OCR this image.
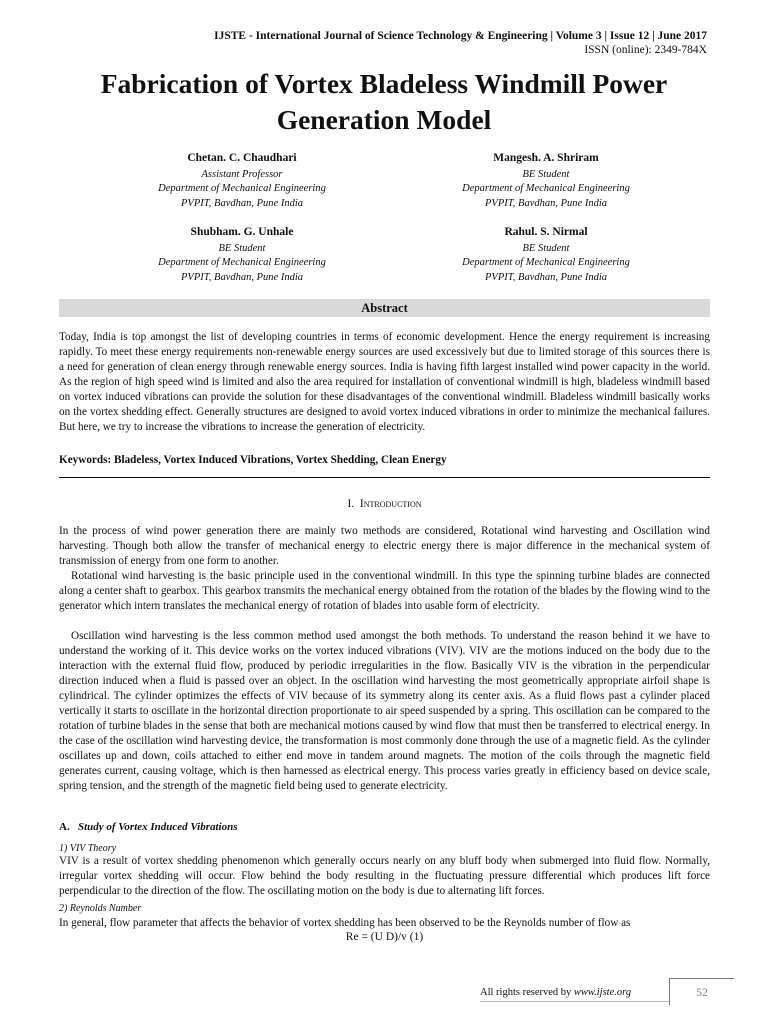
IJSTE - International Journal of Science Technology & Engineering | Volume 3 | Issue 12 | June 2017
ISSN (online): 2349-784X
Fabrication of Vortex Bladeless Windmill Power Generation Model
Chetan. C. Chaudhari
Assistant Professor
Department of Mechanical Engineering
PVPIT, Bavdhan, Pune India
Mangesh. A. Shriram
BE Student
Department of Mechanical Engineering
PVPIT, Bavdhan, Pune India
Shubham. G. Unhale
BE Student
Department of Mechanical Engineering
PVPIT, Bavdhan, Pune India
Rahul. S. Nirmal
BE Student
Department of Mechanical Engineering
PVPIT, Bavdhan, Pune India
Abstract

Today, India is top amongst the list of developing countries in terms of economic development. Hence the energy requirement is increasing rapidly. To meet these energy requirements non-renewable energy sources are used excessively but due to limited storage of this sources there is a need for generation of clean energy through renewable energy sources. India is having fifth largest installed wind power capacity in the world. As the region of high speed wind is limited and also the area required for installation of conventional windmill is high, bladeless windmill based on vortex induced vibrations can provide the solution for these disadvantages of the conventional windmill. Bladeless windmill basically works on the vortex shedding effect. Generally structures are designed to avoid vortex induced vibrations in order to minimize the mechanical failures. But here, we try to increase the vibrations to increase the generation of electricity.

Keywords: Bladeless, Vortex Induced Vibrations, Vortex Shedding, Clean Energy

I. Introduction

In the process of wind power generation there are mainly two methods are considered, Rotational wind harvesting and Oscillation wind harvesting. Though both allow the transfer of mechanical energy to electric energy there is major difference in the mechanical system of transmission of energy from one form to another.

Rotational wind harvesting is the basic principle used in the conventional windmill. In this type the spinning turbine blades are connected along a center shaft to gearbox. This gearbox transmits the mechanical energy obtained from the rotation of the blades by the flowing wind to the generator which intern translates the mechanical energy of rotation of blades into usable form of electricity.

Oscillation wind harvesting is the less common method used amongst the both methods. To understand the reason behind it we have to understand the working of it. This device works on the vortex induced vibrations (VIV). VIV are the motions induced on the body due to the interaction with the external fluid flow, produced by periodic irregularities in the flow. Basically VIV is the vibration in the perpendicular direction induced when a fluid is passed over an object. In the oscillation wind harvesting the most geometrically appropriate airfoil shape is cylindrical. The cylinder optimizes the effects of VIV because of its symmetry along its center axis. As a fluid flows past a cylinder placed vertically it starts to oscillate in the horizontal direction proportionate to air speed suspended by a spring. This oscillation can be compared to the rotation of turbine blades in the sense that both are mechanical motions caused by wind flow that must then be transferred to electrical energy. In the case of the oscillation wind harvesting device, the transformation is most commonly done through the use of a magnetic field. As the cylinder oscillates up and down, coils attached to either end move in tandem around magnets. The motion of the coils through the magnetic field generates current, causing voltage, which is then harnessed as electrical energy. This process varies greatly in efficiency based on device scale, spring tension, and the strength of the magnetic field being used to generate electricity.

A. Study of Vortex Induced Vibrations
1) VIV Theory

VIV is a result of vortex shedding phenomenon which generally occurs nearly on any bluff body when submerged into fluid flow. Normally, irregular vortex shedding will occur. Flow behind the body resulting in the fluctuating pressure differential which produces lift force perpendicular to the direction of the flow. The oscillating motion on the body is due to alternating lift forces.

2) Reynolds Number

In general, flow parameter that affects the behavior of vortex shedding has been observed to be the Reynolds number of flow as

Re = (U D)/v (1)
All rights reserved by www.ijste.org	52
